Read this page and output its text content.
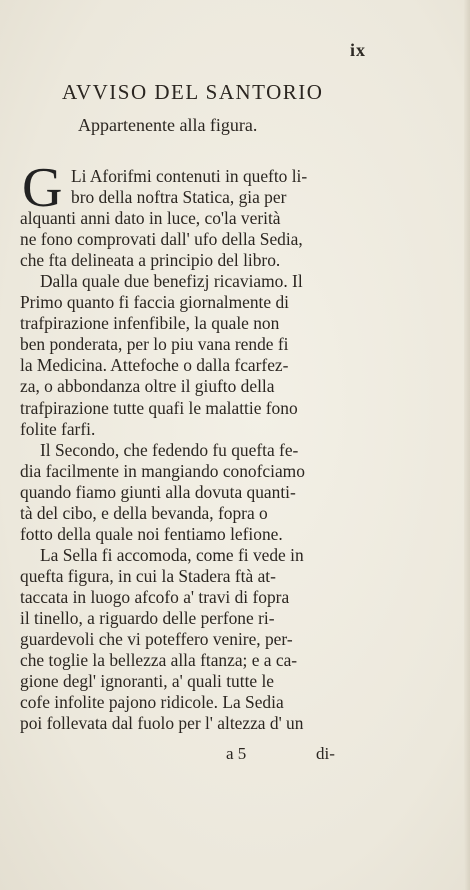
ix
AVVISO DEL SANTORIO
Appartenente alla figura.
G Li Aforifmi contenuti in quefto li-
bro della noftra Statica, gia per
alquanti anni dato in luce, co'la verità
ne fono comprovati dall' ufo della Sedia,
che fta delineata a principio del libro.
Dalla quale due benefizj ricaviamo. Il
Primo quanto fi faccia giornalmente di
trafpirazione infenfibile, la quale non
ben ponderata, per lo piu vana rende fi
la Medicina. Attefoche o dalla fcarfez-
za, o abbondanza oltre il giufto della
trafpirazione tutte quafi le malattie fono
folite farfi.
Il Secondo, che fedendo fu quefta fe-
dia facilmente in mangiando conofciamo
quando fiamo giunti alla dovuta quanti-
tà del cibo, e della bevanda, fopra o
fotto della quale noi fentiamo lefione.
La Sella fi accomoda, come fi vede in
quefta figura, in cui la Stadera ftà at-
taccata in luogo afcofo a' travi di fopra
il tinello, a riguardo delle perfone ri-
guardevoli che vi poteffero venire, per-
che toglie la bellezza alla ftanza; e a ca-
gione degl' ignoranti, a' quali tutte le
cofe infolite pajono ridicole. La Sedia
poi follevata dal fuolo per l' altezza d' un
a 5	di-
